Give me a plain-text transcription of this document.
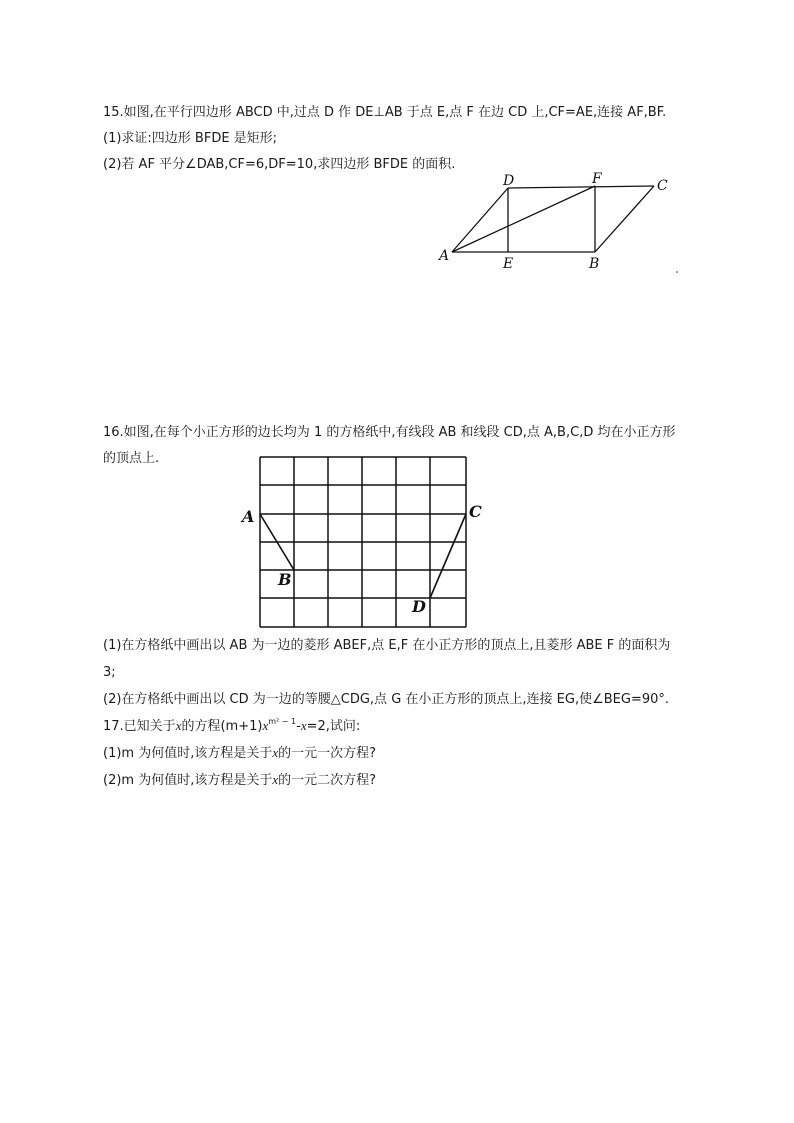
15.如图,在平行四边形 ABCD 中,过点 D 作 DE⊥AB 于点 E,点 F 在边 CD 上,CF=AE,连接 AF,BF.
(1)求证:四边形 BFDE 是矩形;
(2)若 AF 平分∠DAB,CF=6,DF=10,求四边形 BFDE 的面积.
A	E	B
D	F	C
16.如图,在每个小正方形的边长均为 1 的方格纸中,有线段 AB 和线段 CD,点 A,B,C,D 均在小正方形
的顶点上.
A
B
C
D
(1)在方格纸中画出以 AB 为一边的菱形 ABEF,点 E,F 在小正方形的顶点上,且菱形 ABE F 的面积为
3;
(2)在方格纸中画出以 CD 为一边的等腰△CDG,点 G 在小正方形的顶点上,连接 EG,使∠BEG=90°.
17.已知关于x的方程$(m+1)x^{m^2 - 1}-x=2$,试问:
(1)m 为何值时,该方程是关于x的一元一次方程?
(2)m 为何值时,该方程是关于x的一元二次方程?
